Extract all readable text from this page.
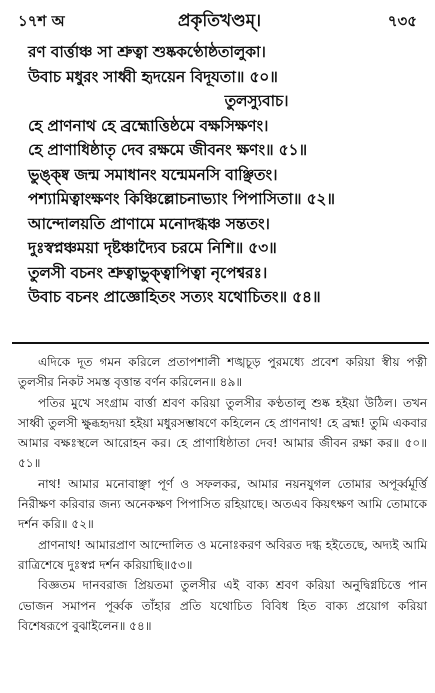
১৭শ অ	প্রকৃতিখণ্ডম্।	৭৩৫
রণ বার্ত্তাঞ্চ সা শ্রুত্বা শুষ্ককণ্ঠোষ্ঠতালুকা।
উবাচ মধুরং সাধ্বী হৃদয়েন বিদূযতা॥ ৫০॥
তুলস্যুবাচ।
হে প্রাণনাথ হে ব্রহ্মোত্তিষ্ঠমে বক্ষসিক্ষণং।
হে প্রাণাধিষ্ঠাতৃ দেব রক্ষমে জীবনং ক্ষণং॥ ৫১॥
ভুঙ্ক্ষ্ব জন্ম সমাধানং যন্মেমনসি বাঞ্ছিতং।
পশ্যামিত্বাংক্ষণং কিঞ্চিল্লোচনাভ্যাং পিপাসিতা॥ ৫২॥
আন্দোলয়তি প্রাণামে মনোদগ্ধঞ্চ সন্ততং।
দুঃস্বপ্নঞ্চময়া দৃষ্টঞ্চাদ্যৈব চরমে নিশি॥ ৫৩॥
তুলসী বচনং শ্রুত্বাভুক্ত্বাপিত্বা নৃপেশ্বরঃ।
উবাচ বচনং প্রাজ্ঞোহিতং সত্যং যথোচিতং॥ ৫৪॥

এদিকে দূত গমন করিলে প্রতাপশালী শঙ্খচূড় পুরমধ্যে প্রবেশ করিয়া স্বীয় পত্নী তুলসীর নিকট সমস্ত বৃত্তান্ত বর্ণন করিলেন॥ ৪৯॥

পতির মুখে সংগ্রাম বার্ত্তা শ্রবণ করিয়া তুলসীর কণ্ঠতালু শুষ্ক হইয়া উঠিল। তখন সাধ্বী তুলসী ক্ষুব্ধহৃদয়া হইয়া মধুরসম্ভাষণে কহিলেন হে প্রাণনাথ! হে ব্রহ্ম! তুমি একবার আমার বক্ষঃস্থলে আরোহন কর। হে প্রাণাধিষ্ঠাতা দেব! আমার জীবন রক্ষা কর॥ ৫০॥ ৫১॥

নাথ! আমার মনোবাঞ্ছা পূর্ণ ও সফলকর, আমার নয়নযুগল তোমার অপূর্ব্বমূর্ত্তি নিরীক্ষণ করিবার জন্য অনেকক্ষণ পিপাসিত রহিয়াছে। অতএব কিয়ৎক্ষণ আমি তোমাকে দর্শন করি॥ ৫২॥

প্রাণনাথ! আমারপ্রাণ আন্দোলিত ও মনোঃকরণ অবিরত দগ্ধ হইতেছে, অদ্যই আমি রাত্রিশেষে দুঃস্বপ্ন দর্শন করিয়াছি॥৫৩॥

বিজ্ঞতম দানবরাজ প্রিয়তমা তুলসীর এই বাক্য শ্রবণ করিয়া অনুদ্বিগ্নচিত্তে পান ভোজন সমাপন পূর্ব্বক তাঁহার প্রতি যথোচিত বিবিধ হিত বাক্য প্রয়োগ করিয়া বিশেষরূপে বুঝাইলেন॥ ৫৪॥
